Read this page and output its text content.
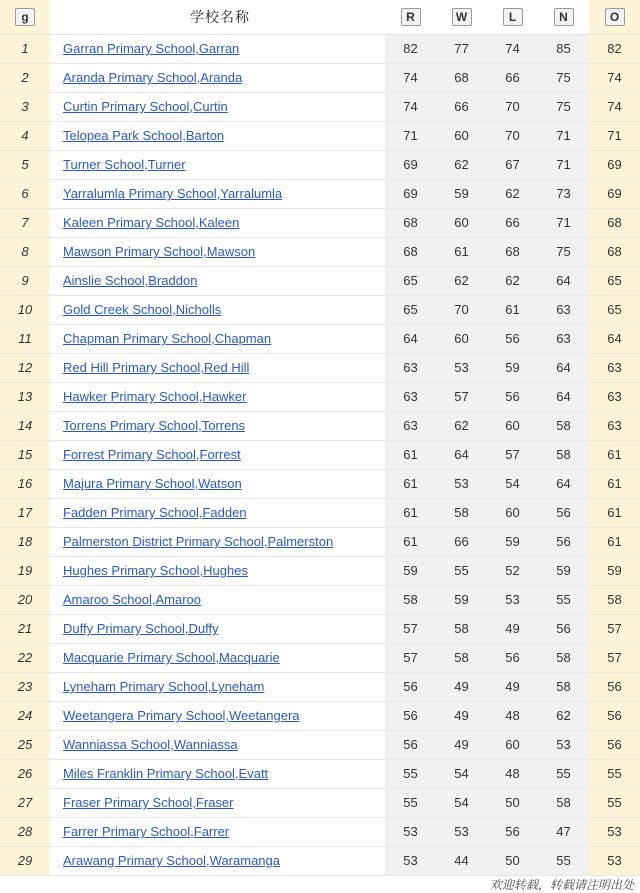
g	学校名称	R	W	L	N	O
1	Garran Primary School,Garran	82	77	74	85	82
2	Aranda Primary School,Aranda	74	68	66	75	74
3	Curtin Primary School,Curtin	74	66	70	75	74
4	Telopea Park School,Barton	71	60	70	71	71
5	Turner School,Turner	69	62	67	71	69
6	Yarralumla Primary School,Yarralumla	69	59	62	73	69
7	Kaleen Primary School,Kaleen	68	60	66	71	68
8	Mawson Primary School,Mawson	68	61	68	75	68
9	Ainslie School,Braddon	65	62	62	64	65
10	Gold Creek School,Nicholls	65	70	61	63	65
11	Chapman Primary School,Chapman	64	60	56	63	64
12	Red Hill Primary School,Red Hill	63	53	59	64	63
13	Hawker Primary School,Hawker	63	57	56	64	63
14	Torrens Primary School,Torrens	63	62	60	58	63
15	Forrest Primary School,Forrest	61	64	57	58	61
16	Majura Primary School,Watson	61	53	54	64	61
17	Fadden Primary School,Fadden	61	58	60	56	61
18	Palmerston District Primary School,Palmerston	61	66	59	56	61
19	Hughes Primary School,Hughes	59	55	52	59	59
20	Amaroo School,Amaroo	58	59	53	55	58
21	Duffy Primary School,Duffy	57	58	49	56	57
22	Macquarie Primary School,Macquarie	57	58	56	58	57
23	Lyneham Primary School,Lyneham	56	49	49	58	56
24	Weetangera Primary School,Weetangera	56	49	48	62	56
25	Wanniassa School,Wanniassa	56	49	60	53	56
26	Miles Franklin Primary School,Evatt	55	54	48	55	55
27	Fraser Primary School,Fraser	55	54	50	58	55
28	Farrer Primary School,Farrer	53	53	56	47	53
29	Arawang Primary School,Waramanga	53	44	50	55	53
欢迎转载，转载请注明出处
